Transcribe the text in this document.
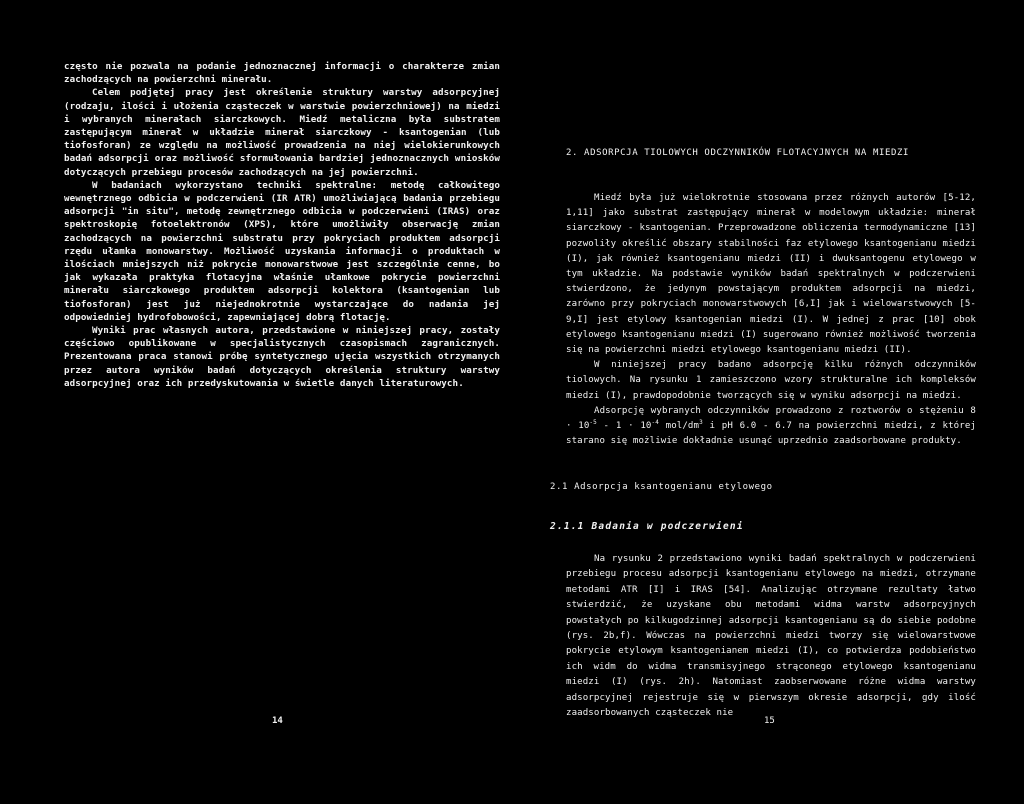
często nie pozwala na podanie jednoznacznej informacji o charakterze zmian zachodzących na powierzchni minerału.

Celem podjętej pracy jest określenie struktury warstwy adsorpcyjnej (rodzaju, ilości i ułożenia cząsteczek w warstwie powierzchniowej) na miedzi i wybranych minerałach siarczkowych. Miedź metaliczna była substratem zastępującym minerał w układzie minerał siarczkowy - ksantogenian (lub tiofosforan) ze względu na możliwość prowadzenia na niej wielokierunkowych badań adsorpcji oraz możliwość sformułowania bardziej jednoznacznych wniosków dotyczących przebiegu procesów zachodzących na jej powierzchni.

W badaniach wykorzystano techniki spektralne: metodę całkowitego wewnętrznego odbicia w podczerwieni (IR ATR) umożliwiającą badania przebiegu adsorpcji "in situ", metodę zewnętrznego odbicia w podczerwieni (IRAS) oraz spektroskopię fotoelektronów (XPS), które umożliwiły obserwację zmian zachodzących na powierzchni substratu przy pokryciach produktem adsorpcji rzędu ułamka monowarstwy. Możliwość uzyskania informacji o produktach w ilościach mniejszych niż pokrycie monowarstwowe jest szczególnie cenne, bo jak wykazała praktyka flotacyjna właśnie ułamkowe pokrycie powierzchni minerału siarczkowego produktem adsorpcji kolektora (ksantogenian lub tiofosforan) jest już niejednokrotnie wystarczające do nadania jej odpowiedniej hydrofobowości, zapewniającej dobrą flotację.

Wyniki prac własnych autora, przedstawione w niniejszej pracy, zostały częściowo opublikowane w specjalistycznych czasopismach zagranicznych. Prezentowana praca stanowi próbę syntetycznego ujęcia wszystkich otrzymanych przez autora wyników badań dotyczących określenia struktury warstwy adsorpcyjnej oraz ich przedyskutowania w świetle danych literaturowych.

14
2. ADSORPCJA TIOLOWYCH ODCZYNNIKÓW FLOTACYJNYCH NA MIEDZI

Miedź była już wielokrotnie stosowana przez różnych autorów [5-12, 1,11] jako substrat zastępujący minerał w modelowym układzie: minerał siarczkowy - ksantogenian. Przeprowadzone obliczenia termodynamiczne [13] pozwoliły określić obszary stabilności faz etylowego ksantogenianu miedzi (I), jak również ksantogenianu miedzi (II) i dwuksantogenu etylowego w tym układzie. Na podstawie wyników badań spektralnych w podczerwieni stwierdzono, że jedynym powstającym produktem adsorpcji na miedzi, zarówno przy pokryciach monowarstwowych [6,I] jak i wielowarstwowych [5-9,I] jest etylowy ksantogenian miedzi (I). W jednej z prac [10] obok etylowego ksantogenianu miedzi (I) sugerowano również możliwość tworzenia się na powierzchni miedzi etylowego ksantogenianu miedzi (II).

W niniejszej pracy badano adsorpcję kilku różnych odczynników tiolowych. Na rysunku 1 zamieszczono wzory strukturalne ich kompleksów miedzi (I), prawdopodobnie tworzących się w wyniku adsorpcji na miedzi.

Adsorpcję wybranych odczynników prowadzono z roztworów o stężeniu $8 \cdot 10^{-5} - 1 \cdot 10^{-4}$ mol/$dm^3$ i pH 6.0 - 6.7 na powierzchni miedzi, z której starano się możliwie dokładnie usunąć uprzednio zaadsorbowane produkty.

2.1 Adsorpcja ksantogenianu etylowego
2.1.1 Badania w podczerwieni

Na rysunku 2 przedstawiono wyniki badań spektralnych w podczerwieni przebiegu procesu adsorpcji ksantogenianu etylowego na miedzi, otrzymane metodami ATR [I] i IRAS [54]. Analizując otrzymane rezultaty łatwo stwierdzić, że uzyskane obu metodami widma warstw adsorpcyjnych powstałych po kilkugodzinnej adsorpcji ksantogenianu są do siebie podobne (rys. 2b,f). Wówczas na powierzchni miedzi tworzy się wielowarstwowe pokrycie etylowym ksantogenianem miedzi (I), co potwierdza podobieństwo ich widm do widma transmisyjnego strąconego etylowego ksantogenianu miedzi (I) (rys. 2h). Natomiast zaobserwowane różne widma warstwy adsorpcyjnej rejestruje się w pierwszym okresie adsorpcji, gdy ilość zaadsorbowanych cząsteczek nie

15
